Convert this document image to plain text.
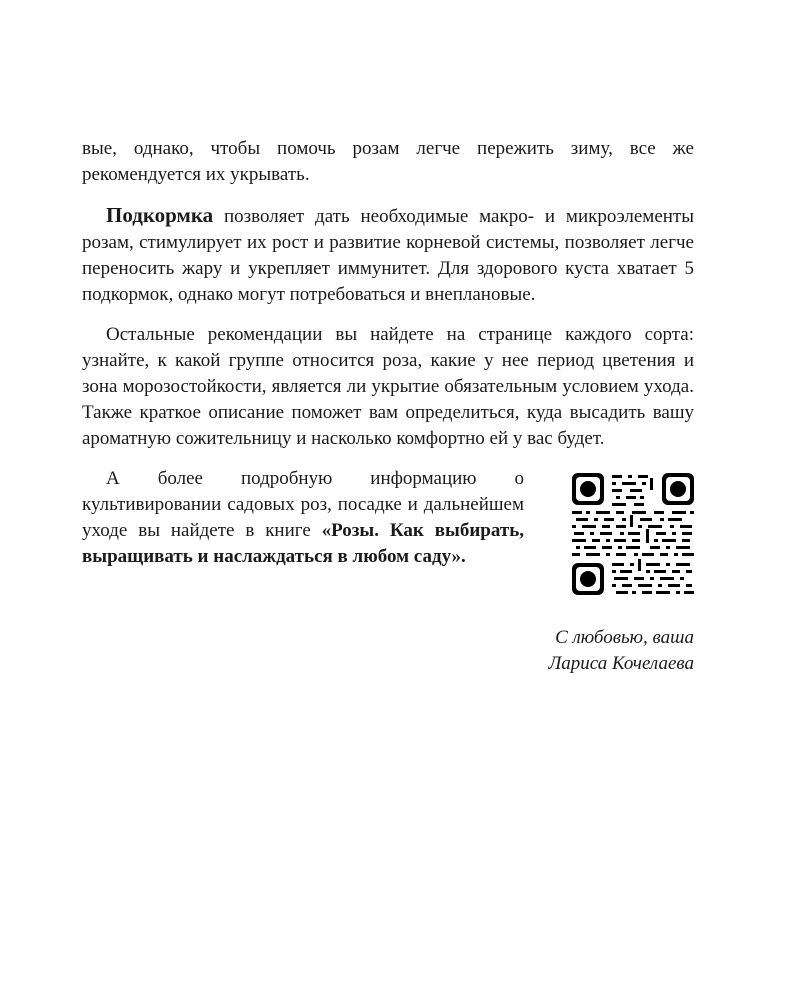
вые, однако, чтобы помочь розам легче пережить зиму, все же рекомендуется их укрывать.

Подкормка позволяет дать необходимые макро- и микроэлементы розам, стимулирует их рост и развитие корневой системы, позволяет легче переносить жару и укрепляет иммунитет. Для здорового куста хватает 5 подкормок, однако могут потребоваться и внеплановые.

Остальные рекомендации вы найдете на странице каждого сорта: узнайте, к какой группе относится роза, какие у нее период цветения и зона морозостойкости, является ли укрытие обязательным условием ухода. Также краткое описание поможет вам определиться, куда высадить вашу ароматную сожительницу и насколько комфортно ей у вас будет.

А более подробную информацию о культивировании садовых роз, посадке и дальнейшем уходе вы найдете в книге «Розы. Как выбирать, выращивать и наслаждаться в любом саду».

С любовью, ваша
Лариса Кочелаева
